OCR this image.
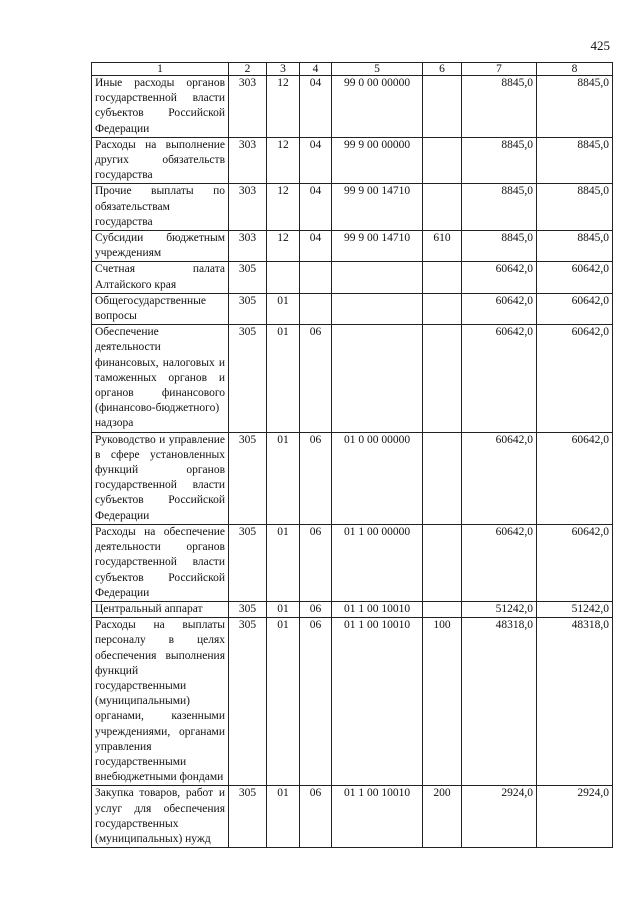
425
1	2	3	4	5	6	7	8
Иные расходы органов государственной власти субъектов Российской Федерации	303	12	04	99 0 00 00000		8845,0	8845,0
Расходы на выполнение других обязательств государства	303	12	04	99 9 00 00000		8845,0	8845,0
Прочие выплаты по обязательствам государства	303	12	04	99 9 00 14710		8845,0	8845,0
Субсидии бюджетным учреждениям	303	12	04	99 9 00 14710	610	8845,0	8845,0
Счетная палата Алтайского края	305					60642,0	60642,0
Общегосударственные вопросы	305	01				60642,0	60642,0
Обеспечение деятельности финансовых, налоговых и таможенных органов и органов финансового (финансово-бюджетного) надзора	305	01	06			60642,0	60642,0
Руководство и управление в сфере установленных функций органов государственной власти субъектов Российской Федерации	305	01	06	01 0 00 00000		60642,0	60642,0
Расходы на обеспечение деятельности органов государственной власти субъектов Российской Федерации	305	01	06	01 1 00 00000		60642,0	60642,0
Центральный аппарат	305	01	06	01 1 00 10010		51242,0	51242,0
Расходы на выплаты персоналу в целях обеспечения выполнения функций государственными (муниципальными) органами, казенными учреждениями, органами управления государственными внебюджетными фондами	305	01	06	01 1 00 10010	100	48318,0	48318,0
Закупка товаров, работ и услуг для обеспечения государственных (муниципальных) нужд	305	01	06	01 1 00 10010	200	2924,0	2924,0
